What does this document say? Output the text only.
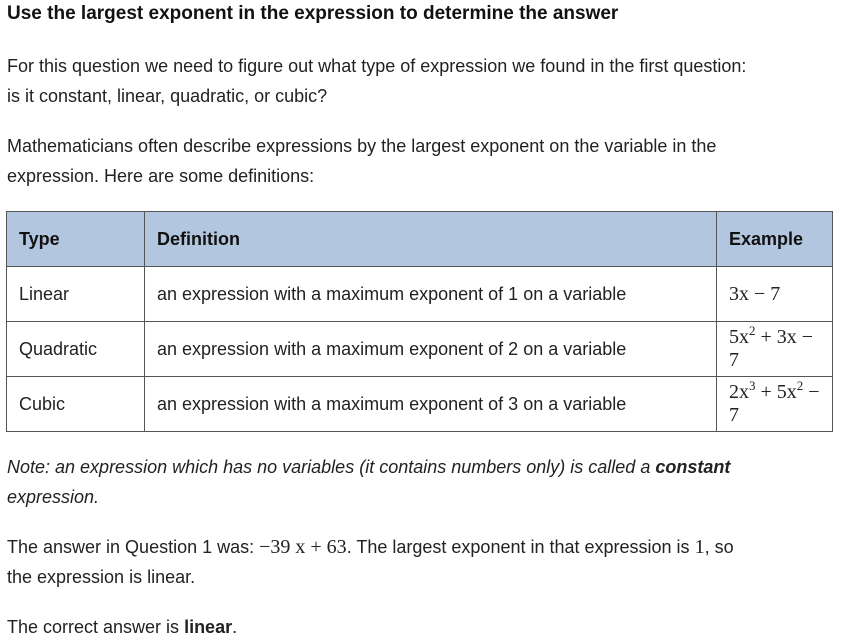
Use the largest exponent in the expression to determine the answer

For this question we need to figure out what type of expression we found in the first question:
is it constant, linear, quadratic, or cubic?

Mathematicians often describe expressions by the largest exponent on the variable in the
expression. Here are some definitions:

Type	Definition	Example
Linear	an expression with a maximum exponent of 1 on a variable	3x − 7
Quadratic	an expression with a maximum exponent of 2 on a variable	$5x^2 + 3x - 7$
Cubic	an expression with a maximum exponent of 3 on a variable	$2x^3 + 5x^2 - 7$

Note: an expression which has no variables (it contains numbers only) is called a constant
expression.

The answer in Question 1 was: −39 x + 63. The largest exponent in that expression is 1, so
the expression is linear.

The correct answer is linear.
